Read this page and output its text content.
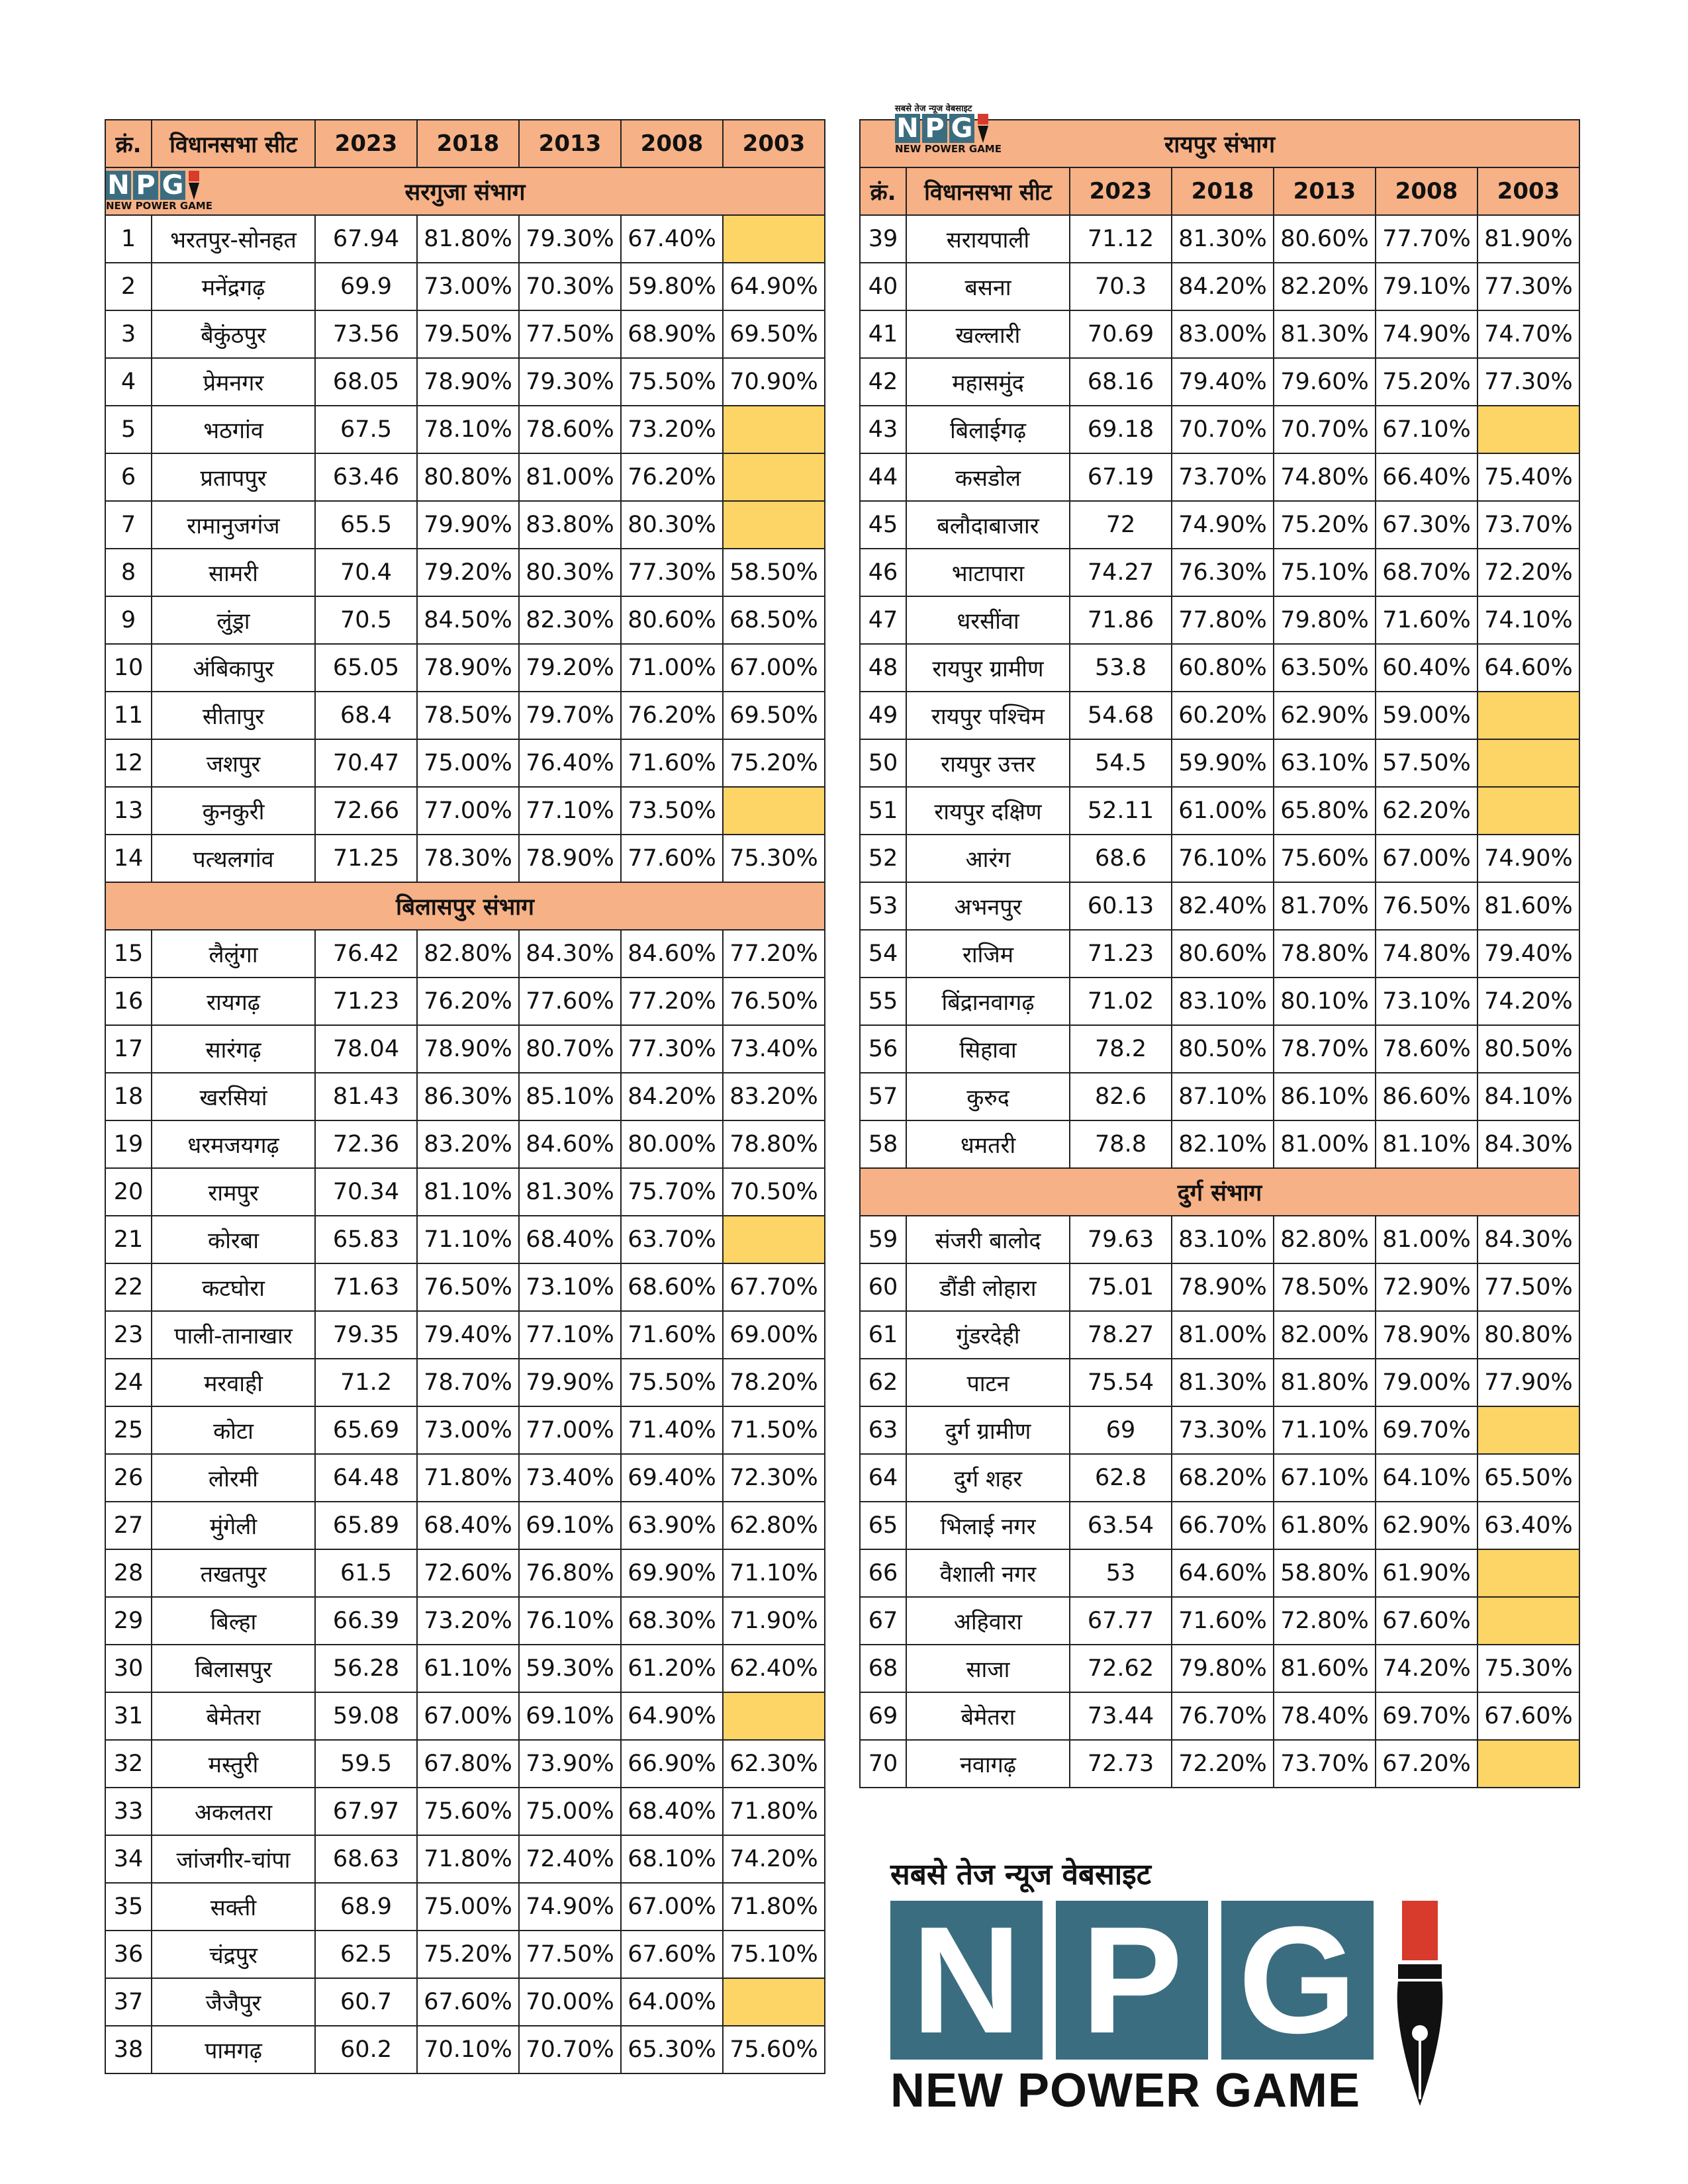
क्रं.	विधानसभा सीट	2023	2018	2013	2008	2003
सरगुजा संभाग						
1	भरतपुर-सोनहत	67.94	81.80%	79.30%	67.40%	
2	मनेंद्रगढ़	69.9	73.00%	70.30%	59.80%	64.90%
3	बैकुंठपुर	73.56	79.50%	77.50%	68.90%	69.50%
4	प्रेमनगर	68.05	78.90%	79.30%	75.50%	70.90%
5	भठगांव	67.5	78.10%	78.60%	73.20%	
6	प्रतापपुर	63.46	80.80%	81.00%	76.20%	
7	रामानुजगंज	65.5	79.90%	83.80%	80.30%	
8	सामरी	70.4	79.20%	80.30%	77.30%	58.50%
9	लुंड्रा	70.5	84.50%	82.30%	80.60%	68.50%
10	अंबिकापुर	65.05	78.90%	79.20%	71.00%	67.00%
11	सीतापुर	68.4	78.50%	79.70%	76.20%	69.50%
12	जशपुर	70.47	75.00%	76.40%	71.60%	75.20%
13	कुनकुरी	72.66	77.00%	77.10%	73.50%	
14	पत्थलगांव	71.25	78.30%	78.90%	77.60%	75.30%
बिलासपुर संभाग						
15	लैलुंगा	76.42	82.80%	84.30%	84.60%	77.20%
16	रायगढ़	71.23	76.20%	77.60%	77.20%	76.50%
17	सारंगढ़	78.04	78.90%	80.70%	77.30%	73.40%
18	खरसियां	81.43	86.30%	85.10%	84.20%	83.20%
19	धरमजयगढ़	72.36	83.20%	84.60%	80.00%	78.80%
20	रामपुर	70.34	81.10%	81.30%	75.70%	70.50%
21	कोरबा	65.83	71.10%	68.40%	63.70%	
22	कटघोरा	71.63	76.50%	73.10%	68.60%	67.70%
23	पाली-तानाखार	79.35	79.40%	77.10%	71.60%	69.00%
24	मरवाही	71.2	78.70%	79.90%	75.50%	78.20%
25	कोटा	65.69	73.00%	77.00%	71.40%	71.50%
26	लोरमी	64.48	71.80%	73.40%	69.40%	72.30%
27	मुंगेली	65.89	68.40%	69.10%	63.90%	62.80%
28	तखतपुर	61.5	72.60%	76.80%	69.90%	71.10%
29	बिल्हा	66.39	73.20%	76.10%	68.30%	71.90%
30	बिलासपुर	56.28	61.10%	59.30%	61.20%	62.40%
31	बेमेतरा	59.08	67.00%	69.10%	64.90%	
32	मस्तुरी	59.5	67.80%	73.90%	66.90%	62.30%
33	अकलतरा	67.97	75.60%	75.00%	68.40%	71.80%
34	जांजगीर-चांपा	68.63	71.80%	72.40%	68.10%	74.20%
35	सक्ती	68.9	75.00%	74.90%	67.00%	71.80%
36	चंद्रपुर	62.5	75.20%	77.50%	67.60%	75.10%
37	जैजैपुर	60.7	67.60%	70.00%	64.00%	
38	पामगढ़	60.2	70.10%	70.70%	65.30%	75.60%
रायपुर संभाग						
क्रं.	विधानसभा सीट	2023	2018	2013	2008	2003
39	सरायपाली	71.12	81.30%	80.60%	77.70%	81.90%
40	बसना	70.3	84.20%	82.20%	79.10%	77.30%
41	खल्लारी	70.69	83.00%	81.30%	74.90%	74.70%
42	महासमुंद	68.16	79.40%	79.60%	75.20%	77.30%
43	बिलाईगढ़	69.18	70.70%	70.70%	67.10%	
44	कसडोल	67.19	73.70%	74.80%	66.40%	75.40%
45	बलौदाबाजार	72	74.90%	75.20%	67.30%	73.70%
46	भाटापारा	74.27	76.30%	75.10%	68.70%	72.20%
47	धरसींवा	71.86	77.80%	79.80%	71.60%	74.10%
48	रायपुर ग्रामीण	53.8	60.80%	63.50%	60.40%	64.60%
49	रायपुर पश्चिम	54.68	60.20%	62.90%	59.00%	
50	रायपुर उत्तर	54.5	59.90%	63.10%	57.50%	
51	रायपुर दक्षिण	52.11	61.00%	65.80%	62.20%	
52	आरंग	68.6	76.10%	75.60%	67.00%	74.90%
53	अभनपुर	60.13	82.40%	81.70%	76.50%	81.60%
54	राजिम	71.23	80.60%	78.80%	74.80%	79.40%
55	बिंद्रानवागढ़	71.02	83.10%	80.10%	73.10%	74.20%
56	सिहावा	78.2	80.50%	78.70%	78.60%	80.50%
57	कुरुद	82.6	87.10%	86.10%	86.60%	84.10%
58	धमतरी	78.8	82.10%	81.00%	81.10%	84.30%
दुर्ग संभाग						
59	संजरी बालोद	79.63	83.10%	82.80%	81.00%	84.30%
60	डौंडी लोहारा	75.01	78.90%	78.50%	72.90%	77.50%
61	गुंडरदेही	78.27	81.00%	82.00%	78.90%	80.80%
62	पाटन	75.54	81.30%	81.80%	79.00%	77.90%
63	दुर्ग ग्रामीण	69	73.30%	71.10%	69.70%	
64	दुर्ग शहर	62.8	68.20%	67.10%	64.10%	65.50%
65	भिलाई नगर	63.54	66.70%	61.80%	62.90%	63.40%
66	वैशाली नगर	53	64.60%	58.80%	61.90%	
67	अहिवारा	67.77	71.60%	72.80%	67.60%	
68	साजा	72.62	79.80%	81.60%	74.20%	75.30%
69	बेमेतरा	73.44	76.70%	78.40%	69.70%	67.60%
70	नवागढ़	72.73	72.20%	73.70%	67.20%	
N P G
NEW POWER GAME
सबसे तेज न्यूज वेबसाइट
N P G
NEW POWER GAME
सबसे तेज न्यूज वेबसाइट
N P G
NEW POWER GAME
